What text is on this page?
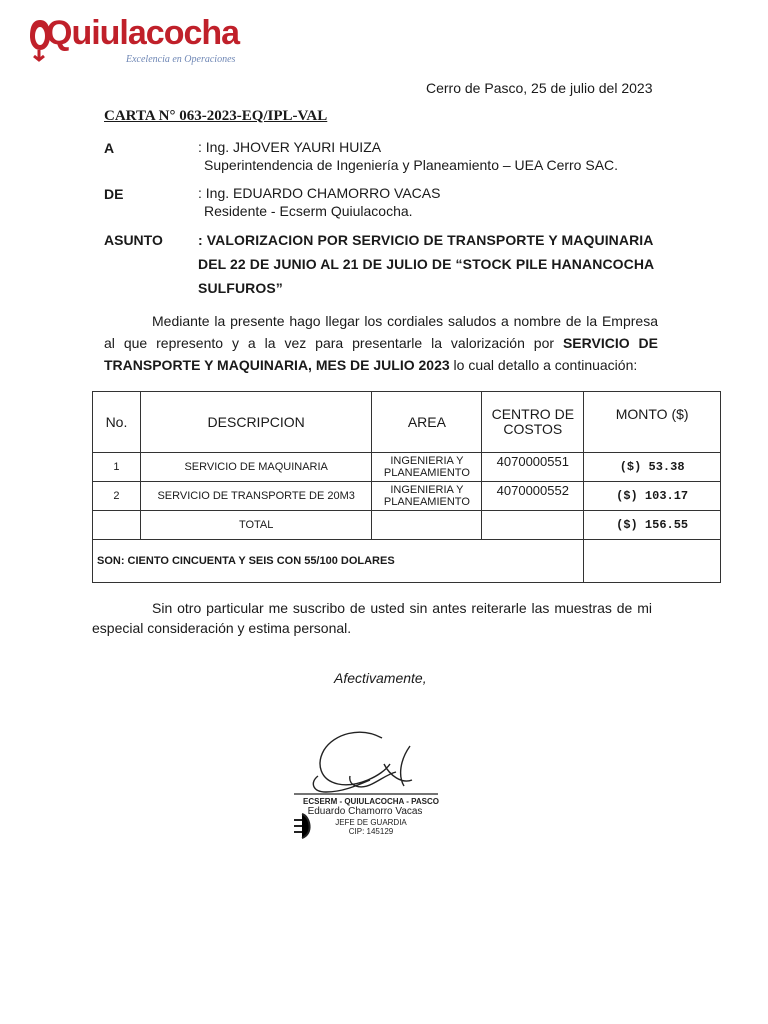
Quiulacocha
Excelencia en Operaciones
Cerro de Pasco, 25 de julio del 2023
CARTA N° 063-2023-EQ/IPL-VAL
A	: Ing. JHOVER YAURI HUIZA
Superintendencia de Ingeniería y Planeamiento – UEA Cerro SAC.
DE	: Ing. EDUARDO CHAMORRO VACAS
Residente - Ecserm Quiulacocha.
ASUNTO	: VALORIZACION POR SERVICIO DE TRANSPORTE Y MAQUINARIA DEL 22 DE JUNIO AL 21 DE JULIO DE “STOCK PILE HANANCOCHA SULFUROS”
Mediante la presente hago llegar los cordiales saludos a nombre de la Empresa al que represento y a la vez para presentarle la valorización por SERVICIO DE TRANSPORTE Y MAQUINARIA, MES DE JULIO 2023 lo cual detallo a continuación:
No.	DESCRIPCION	AREA	CENTRO DE COSTOS	MONTO ($)
1	SERVICIO DE MAQUINARIA	INGENIERIA Y PLANEAMIENTO	4070000551	($) 53.38
2	SERVICIO DE TRANSPORTE DE 20M3	INGENIERIA Y PLANEAMIENTO	4070000552	($) 103.17
	TOTAL			($) 156.55
SON: CIENTO CINCUENTA Y SEIS CON 55/100 DOLARES				
Sin otro particular me suscribo de usted sin antes reiterarle las muestras de mi especial consideración y estima personal.
Afectivamente,
ECSERM - QUIULACOCHA - PASCO
Eduardo Chamorro Vacas
JEFE DE GUARDIA
CIP: 145129
